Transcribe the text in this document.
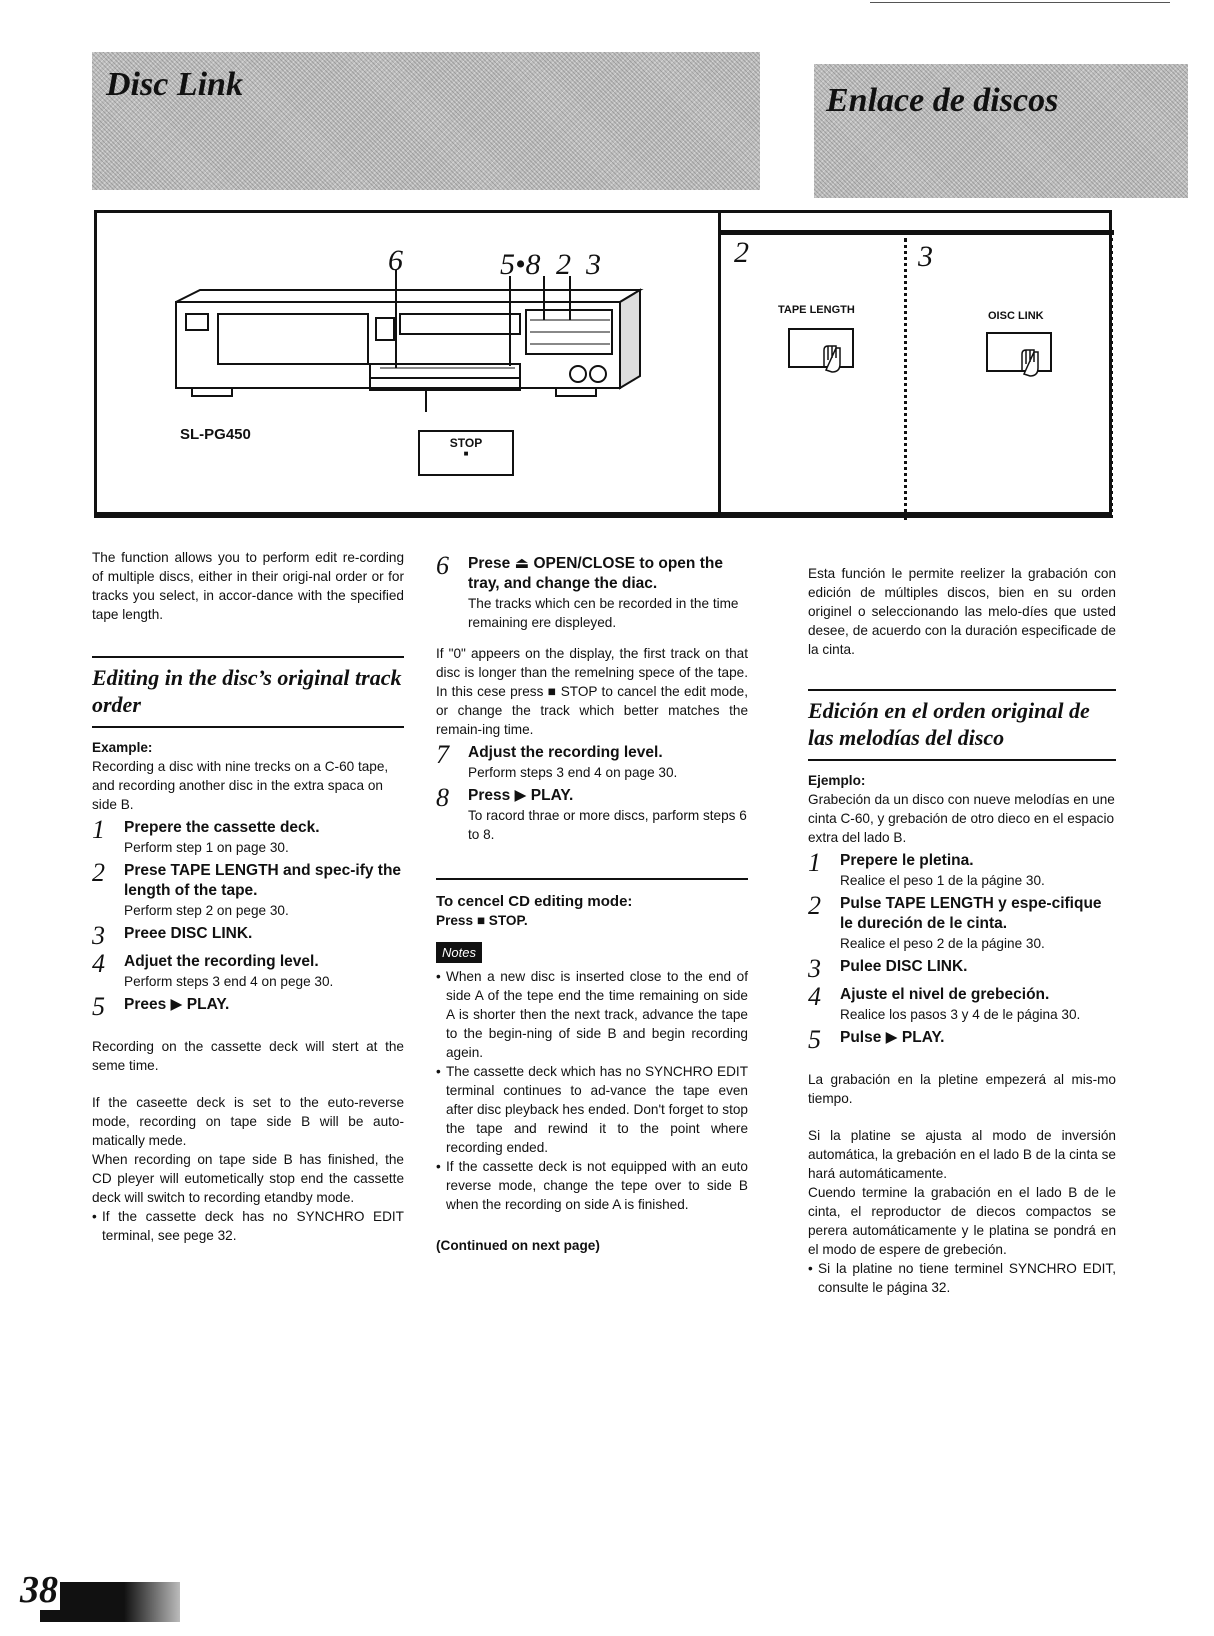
Disc Link	Enlace de discos
6	5•8 2 3
SL-PG450	STOP
■
2	3
TAPE LENGTH	OISC LINK

The function allows you to perform edit re-cording of multiple discs, either in their origi-nal order or for tracks you select, in accor-dance with the specified tape length.

Editing in the disc’s original track order
Example:

Recording a disc with nine trecks on a C-60 tape, and recording another disc in the extra spaca on side B.

1	Prepere the cassette deck.
Perform step 1 on page 30.
2	Prese TAPE LENGTH and spec-ify the length of the tape.
Perform step 2 on pege 30.
3	Preee DISC LINK.
4	Adjuet the recording level.
Perform steps 3 end 4 on pege 30.
5	Prees ▶ PLAY.

Recording on the cassette deck will stert at the seme time.

If the caseette deck is set to the euto-reverse mode, recording on tape side B will be auto-matically mede.

When recording on tape side B has finished, the CD pleyer will eutometically stop end the cassette deck will switch to recording etandby mode.

• If the cassette deck has no SYNCHRO EDIT terminal, see pege 32.
6	Prese ⏏ OPEN/CLOSE to open the tray, and change the diac.
The tracks which cen be recorded in the time remaining ere displeyed.

If "0" appeers on the display, the first track on that disc is longer than the remelning spece of the tape. In this cese press ■ STOP to cancel the edit mode, or change the track which better matches the remain-ing time.

7	Adjust the recording level.
Perform steps 3 end 4 on page 30.
8	Press ▶ PLAY.
To racord thrae or more discs, parform steps 6 to 8.
To cencel CD editing mode:
Press ■ STOP.
Notes
• When a new disc is inserted close to the end of side A of the tepe end the time remaining on side A is shorter then the next track, advance the tape to the begin-ning of side B and begin recording agein.
• The cassette deck which has no SYNCHRO EDIT terminal continues to ad-vance the tape even after disc pleyback hes ended. Don't forget to stop the tape and rewind it to the point where recording ended.
• If the cassette deck is not equipped with an euto reverse mode, change the tepe over to side B when the recording on side A is finished.
(Continued on next page)

Esta función le permite reelizer la grabación con edición de múltiples discos, bien en su orden originel o seleccionando las melo-díes que usted desee, de acuerdo con la duración especificade de la cinta.

Edición en el orden original de las melodías del disco
Ejemplo:

Grabeción da un disco con nueve melodías en une cinta C-60, y grebación de otro dieco en el espacio extra del lado B.

1	Prepere le pletina.
Realice el peso 1 de la págine 30.
2	Pulse TAPE LENGTH y espe-cifique le dureción de le cinta.
Realice el peso 2 de la págine 30.
3	Pulee DISC LINK.
4	Ajuste el nivel de grebeción.
Realice los pasos 3 y 4 de le página 30.
5	Pulse ▶ PLAY.

La grabación en la pletine empezerá al mis-mo tiempo.

Si la platine se ajusta al modo de inversión automática, la grebación en el lado B de la cinta se hará automáticamente.

Cuendo termine la grabación en el lado B de le cinta, el reproductor de diecos compactos se perera automáticamente y le platina se pondrá en el modo de espere de grebeción.

• Si la platine no tiene terminel SYNCHRO EDIT, consulte le página 32.
38
